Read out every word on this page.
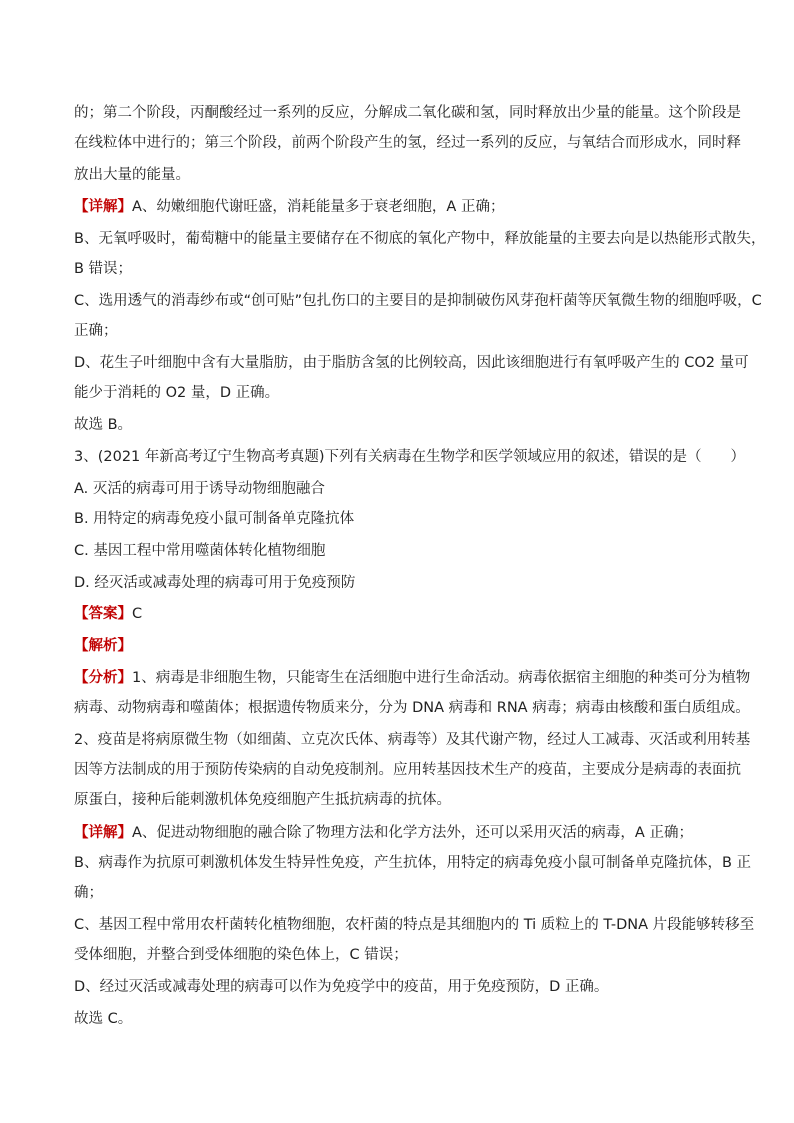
的；第二个阶段，丙酮酸经过一系列的反应，分解成二氧化碳和氢，同时释放出少量的能量。这个阶段是
在线粒体中进行的；第三个阶段，前两个阶段产生的氢，经过一系列的反应，与氧结合而形成水，同时释
放出大量的能量。
【详解】A、幼嫩细胞代谢旺盛，消耗能量多于衰老细胞，A 正确；
B、无氧呼吸时，葡萄糖中的能量主要储存在不彻底的氧化产物中，释放能量的主要去向是以热能形式散失，
B 错误；
C、选用透气的消毒纱布或“创可贴”包扎伤口的主要目的是抑制破伤风芽孢杆菌等厌氧微生物的细胞呼吸，C
正确；
D、花生子叶细胞中含有大量脂肪，由于脂肪含氢的比例较高，因此该细胞进行有氧呼吸产生的 CO2 量可
能少于消耗的 O2 量，D 正确。
故选 B。
3、(2021 年新高考辽宁生物高考真题)下列有关病毒在生物学和医学领域应用的叙述，错误的是（　　）
A. 灭活的病毒可用于诱导动物细胞融合
B. 用特定的病毒免疫小鼠可制备单克隆抗体
C. 基因工程中常用噬菌体转化植物细胞
D. 经灭活或减毒处理的病毒可用于免疫预防
【答案】C
【解析】
【分析】1、病毒是非细胞生物，只能寄生在活细胞中进行生命活动。病毒依据宿主细胞的种类可分为植物
病毒、动物病毒和噬菌体；根据遗传物质来分，分为 DNA 病毒和 RNA 病毒；病毒由核酸和蛋白质组成。
2、疫苗是将病原微生物（如细菌、立克次氏体、病毒等）及其代谢产物，经过人工减毒、灭活或利用转基
因等方法制成的用于预防传染病的自动免疫制剂。应用转基因技术生产的疫苗，主要成分是病毒的表面抗
原蛋白，接种后能刺激机体免疫细胞产生抵抗病毒的抗体。
【详解】A、促进动物细胞的融合除了物理方法和化学方法外，还可以采用灭活的病毒，A 正确；
B、病毒作为抗原可刺激机体发生特异性免疫，产生抗体，用特定的病毒免疫小鼠可制备单克隆抗体，B 正
确；
C、基因工程中常用农杆菌转化植物细胞，农杆菌的特点是其细胞内的 Ti 质粒上的 T-DNA 片段能够转移至
受体细胞，并整合到受体细胞的染色体上，C 错误；
D、经过灭活或减毒处理的病毒可以作为免疫学中的疫苗，用于免疫预防，D 正确。
故选 C。
